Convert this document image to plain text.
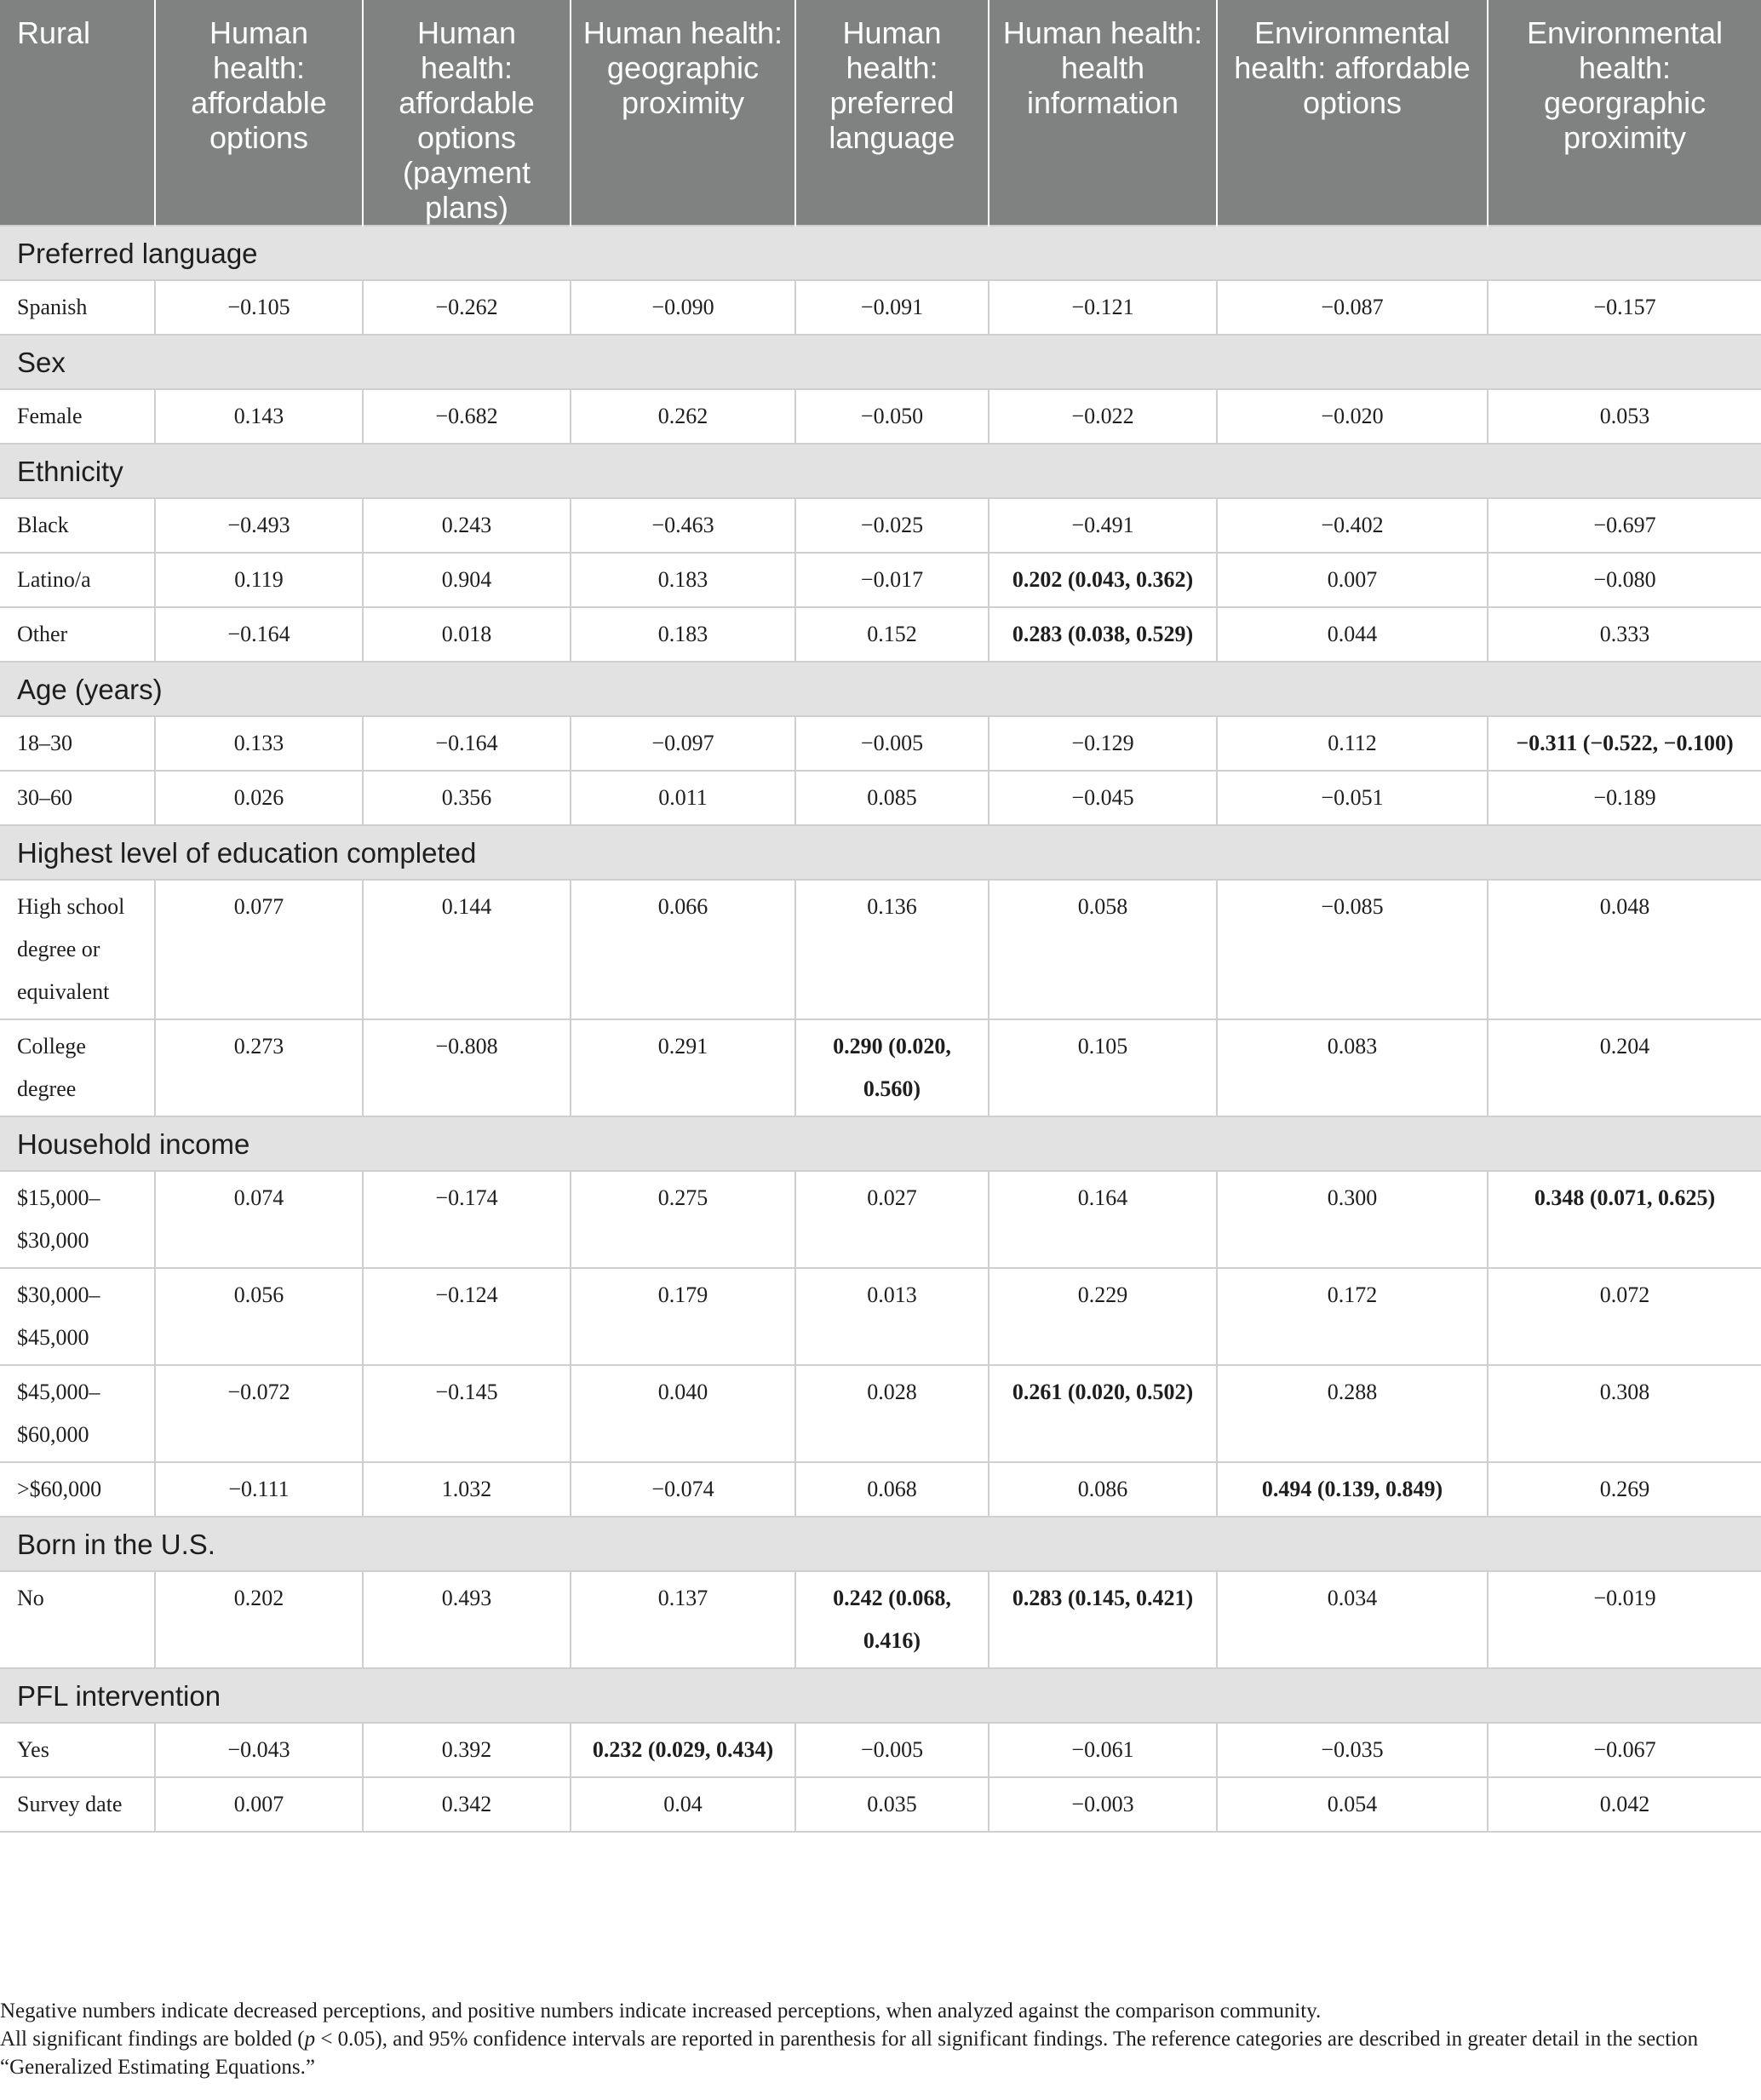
Rural	Human health: affordable options	Human health: affordable options (payment plans)	Human health: geographic proximity	Human health: preferred language	Human health: health information	Environmental health: affordable options	Environmental health: georgraphic proximity
Preferred language							
Spanish	−0.105	−0.262	−0.090	−0.091	−0.121	−0.087	−0.157
Sex							
Female	0.143	−0.682	0.262	−0.050	−0.022	−0.020	0.053
Ethnicity							
Black	−0.493	0.243	−0.463	−0.025	−0.491	−0.402	−0.697
Latino/a	0.119	0.904	0.183	−0.017	0.202 (0.043, 0.362)	0.007	−0.080
Other	−0.164	0.018	0.183	0.152	0.283 (0.038, 0.529)	0.044	0.333
Age (years)							
18–30	0.133	−0.164	−0.097	−0.005	−0.129	0.112	−0.311 (−0.522, −0.100)
30–60	0.026	0.356	0.011	0.085	−0.045	−0.051	−0.189
Highest level of education completed							
High school degree or equivalent	0.077	0.144	0.066	0.136	0.058	−0.085	0.048
College degree	0.273	−0.808	0.291	0.290 (0.020, 0.560)	0.105	0.083	0.204
Household income							
$15,000–$30,000	0.074	−0.174	0.275	0.027	0.164	0.300	0.348 (0.071, 0.625)
$30,000–$45,000	0.056	−0.124	0.179	0.013	0.229	0.172	0.072
$45,000–$60,000	−0.072	−0.145	0.040	0.028	0.261 (0.020, 0.502)	0.288	0.308
>$60,000	−0.111	1.032	−0.074	0.068	0.086	0.494 (0.139, 0.849)	0.269
Born in the U.S.							
No	0.202	0.493	0.137	0.242 (0.068, 0.416)	0.283 (0.145, 0.421)	0.034	−0.019
PFL intervention							
Yes	−0.043	0.392	0.232 (0.029, 0.434)	−0.005	−0.061	−0.035	−0.067
Survey date	0.007	0.342	0.04	0.035	−0.003	0.054	0.042

Negative numbers indicate decreased perceptions, and positive numbers indicate increased perceptions, when analyzed against the comparison community.

All significant findings are bolded (p < 0.05), and 95% confidence intervals are reported in parenthesis for all significant findings. The reference categories are described in greater detail in the section “Generalized Estimating Equations.”
